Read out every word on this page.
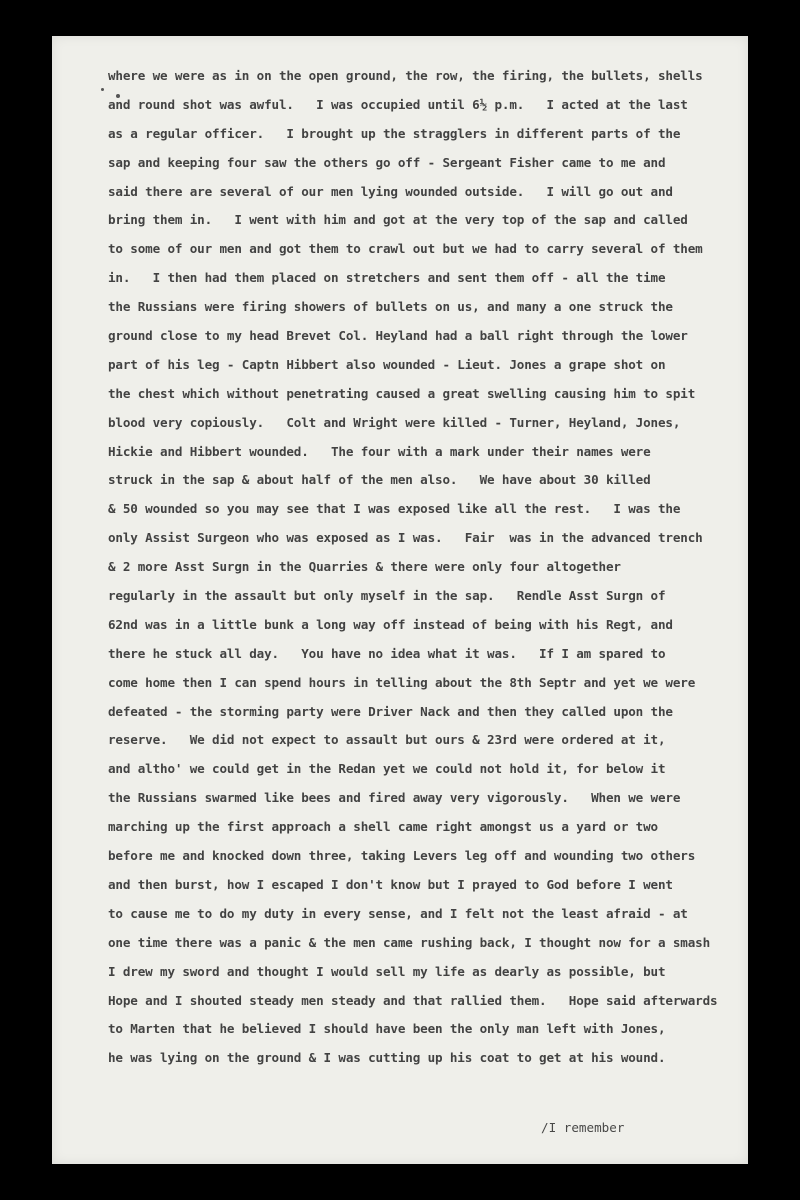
where we were as in on the open ground, the row, the firing, the bullets, shells
and round shot was awful.   I was occupied until 6½ p.m.   I acted at the last
as a regular officer.   I brought up the stragglers in different parts of the
sap and keeping four saw the others go off - Sergeant Fisher came to me and
said there are several of our men lying wounded outside.   I will go out and
bring them in.   I went with him and got at the very top of the sap and called
to some of our men and got them to crawl out but we had to carry several of them
in.   I then had them placed on stretchers and sent them off - all the time
the Russians were firing showers of bullets on us, and many a one struck the
ground close to my head Brevet Col. Heyland had a ball right through the lower
part of his leg - Captn Hibbert also wounded - Lieut. Jones a grape shot on
the chest which without penetrating caused a great swelling causing him to spit
blood very copiously.   Colt and Wright were killed - Turner, Heyland, Jones,
Hickie and Hibbert wounded.   The four with a mark under their names were
struck in the sap & about half of the men also.   We have about 30 killed
& 50 wounded so you may see that I was exposed like all the rest.   I was the
only Assist Surgeon who was exposed as I was.   Fair  was in the advanced trench
& 2 more Asst Surgn in the Quarries & there were only four altogether
regularly in the assault but only myself in the sap.   Rendle Asst Surgn of
62nd was in a little bunk a long way off instead of being with his Regt, and
there he stuck all day.   You have no idea what it was.   If I am spared to
come home then I can spend hours in telling about the 8th Septr and yet we were
defeated - the storming party were Driver Nack and then they called upon the
reserve.   We did not expect to assault but ours & 23rd were ordered at it,
and altho' we could get in the Redan yet we could not hold it, for below it
the Russians swarmed like bees and fired away very vigorously.   When we were
marching up the first approach a shell came right amongst us a yard or two
before me and knocked down three, taking Levers leg off and wounding two others
and then burst, how I escaped I don't know but I prayed to God before I went
to cause me to do my duty in every sense, and I felt not the least afraid - at
one time there was a panic & the men came rushing back, I thought now for a smash
I drew my sword and thought I would sell my life as dearly as possible, but
Hope and I shouted steady men steady and that rallied them.   Hope said afterwards
to Marten that he believed I should have been the only man left with Jones,
he was lying on the ground & I was cutting up his coat to get at his wound.
/I remember
